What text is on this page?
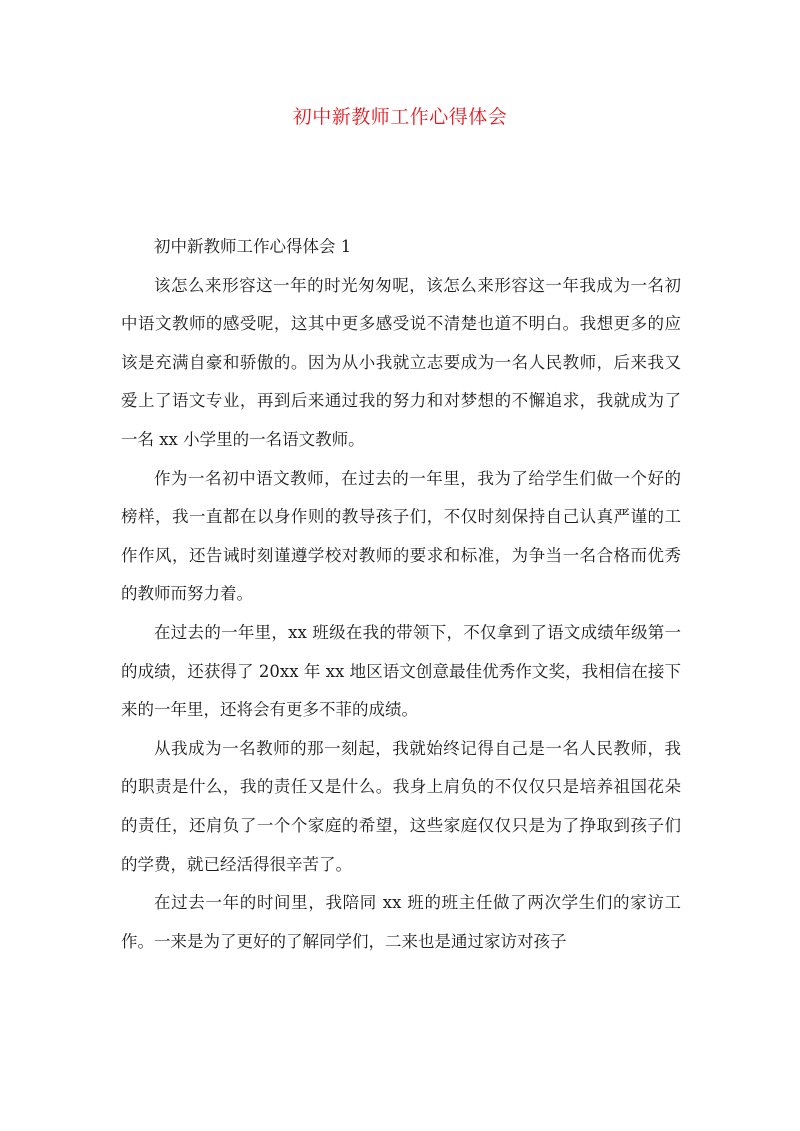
初中新教师工作心得体会

初中新教师工作心得体会 1

该怎么来形容这一年的时光匆匆呢，该怎么来形容这一年我成为一名初中语文教师的感受呢，这其中更多感受说不清楚也道不明白。我想更多的应该是充满自豪和骄傲的。因为从小我就立志要成为一名人民教师，后来我又爱上了语文专业，再到后来通过我的努力和对梦想的不懈追求，我就成为了一名 xx 小学里的一名语文教师。

作为一名初中语文教师，在过去的一年里，我为了给学生们做一个好的榜样，我一直都在以身作则的教导孩子们，不仅时刻保持自己认真严谨的工作作风，还告诫时刻谨遵学校对教师的要求和标准，为争当一名合格而优秀的教师而努力着。

在过去的一年里，xx 班级在我的带领下，不仅拿到了语文成绩年级第一的成绩，还获得了 20xx 年 xx 地区语文创意最佳优秀作文奖，我相信在接下来的一年里，还将会有更多不菲的成绩。

从我成为一名教师的那一刻起，我就始终记得自己是一名人民教师，我的职责是什么，我的责任又是什么。我身上肩负的不仅仅只是培养祖国花朵的责任，还肩负了一个个家庭的希望，这些家庭仅仅只是为了挣取到孩子们的学费，就已经活得很辛苦了。

在过去一年的时间里，我陪同 xx 班的班主任做了两次学生们的家访工作。一来是为了更好的了解同学们，二来也是通过家访对孩子
